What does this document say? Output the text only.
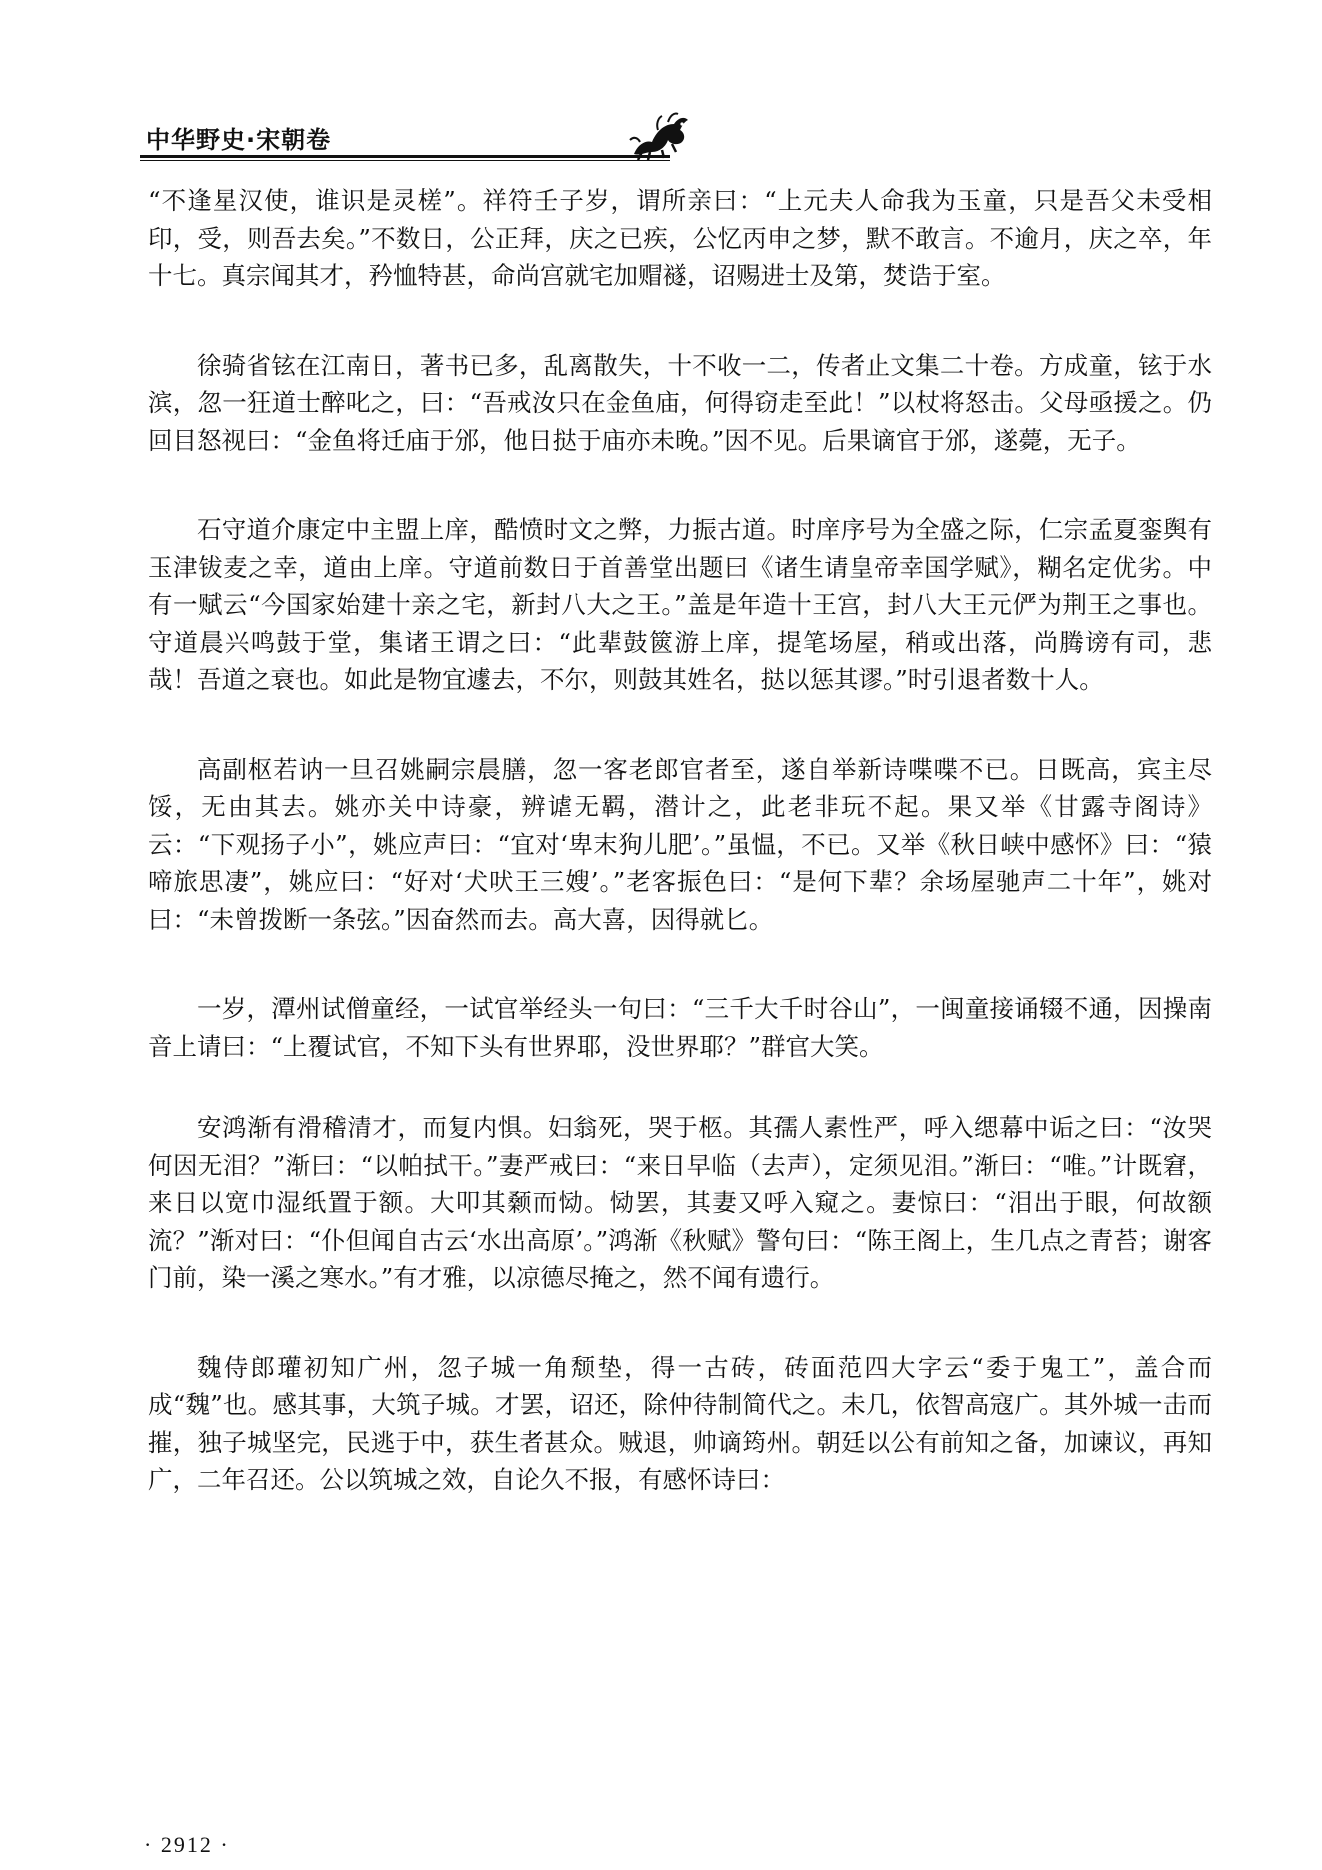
中华野史·宋朝卷

“不逢星汉使，谁识是灵槎”。祥符壬子岁，谓所亲曰：“上元夫人命我为玉童，只是吾父未受相印，受，则吾去矣。”不数日，公正拜，庆之已疾，公忆丙申之梦，默不敢言。不逾月，庆之卒，年十七。真宗闻其才，矜恤特甚，命尚宫就宅加赗襚，诏赐进士及第，焚诰于室。

徐骑省铉在江南日，著书已多，乱离散失，十不收一二，传者止文集二十卷。方成童，铉于水滨，忽一狂道士醉叱之，曰：“吾戒汝只在金鱼庙，何得窃走至此！”以杖将怒击。父母亟援之。仍回目怒视曰：“金鱼将迁庙于邠，他日挞于庙亦未晚。”因不见。后果谪官于邠，遂薨，无子。

石守道介康定中主盟上庠，酷愤时文之弊，力振古道。时庠序号为全盛之际，仁宗孟夏銮舆有玉津钹麦之幸，道由上庠。守道前数日于首善堂出题曰《诸生请皇帝幸国学赋》，糊名定优劣。中有一赋云“今国家始建十亲之宅，新封八大之王。”盖是年造十王宫，封八大王元俨为荆王之事也。守道晨兴鸣鼓于堂，集诸王谓之曰：“此辈鼓篋游上庠，提笔场屋，稍或出落，尚腾谤有司，悲哉！吾道之衰也。如此是物宜遽去，不尔，则鼓其姓名，挞以惩其谬。”时引退者数十人。

高副枢若讷一旦召姚嗣宗晨膳，忽一客老郎官者至，遂自举新诗喋喋不已。日既高，宾主尽馁，无由其去。姚亦关中诗豪，辨谑无羁，潜计之，此老非玩不起。果又举《甘露寺阁诗》云：“下观扬子小”，姚应声曰：“宜对‘卑末狗儿肥’。”虽愠，不已。又举《秋日峡中感怀》曰：“猿啼旅思凄”，姚应曰：“好对‘犬吠王三嫂’。”老客振色曰：“是何下辈？余场屋驰声二十年”，姚对曰：“未曾拨断一条弦。”因奋然而去。高大喜，因得就匕。

一岁，潭州试僧童经，一试官举经头一句曰：“三千大千时谷山”，一闽童接诵辍不通，因操南音上请曰：“上覆试官，不知下头有世界耶，没世界耶？”群官大笑。

安鸿渐有滑稽清才，而复内惧。妇翁死，哭于柩。其孺人素性严，呼入缌幕中诟之曰：“汝哭何因无泪？”渐曰：“以帕拭干。”妻严戒曰：“来日早临（去声），定须见泪。”渐曰：“唯。”计既窘，来日以宽巾湿纸置于额。大叩其颡而恸。恸罢，其妻又呼入窥之。妻惊曰：“泪出于眼，何故额流？”渐对曰：“仆但闻自古云‘水出高原’。”鸿渐《秋赋》警句曰：“陈王阁上，生几点之青苔；谢客门前，染一溪之寒水。”有才雅，以凉德尽掩之，然不闻有遗行。

魏侍郎瓘初知广州，忽子城一角颓垫，得一古砖，砖面范四大字云“委于鬼工”，盖合而成“魏”也。感其事，大筑子城。才罢，诏还，除仲待制简代之。未几，依智高寇广。其外城一击而摧，独子城坚完，民逃于中，获生者甚众。贼退，帅谪筠州。朝廷以公有前知之备，加谏议，再知广，二年召还。公以筑城之效，自论久不报，有感怀诗曰：

· 2912 ·
